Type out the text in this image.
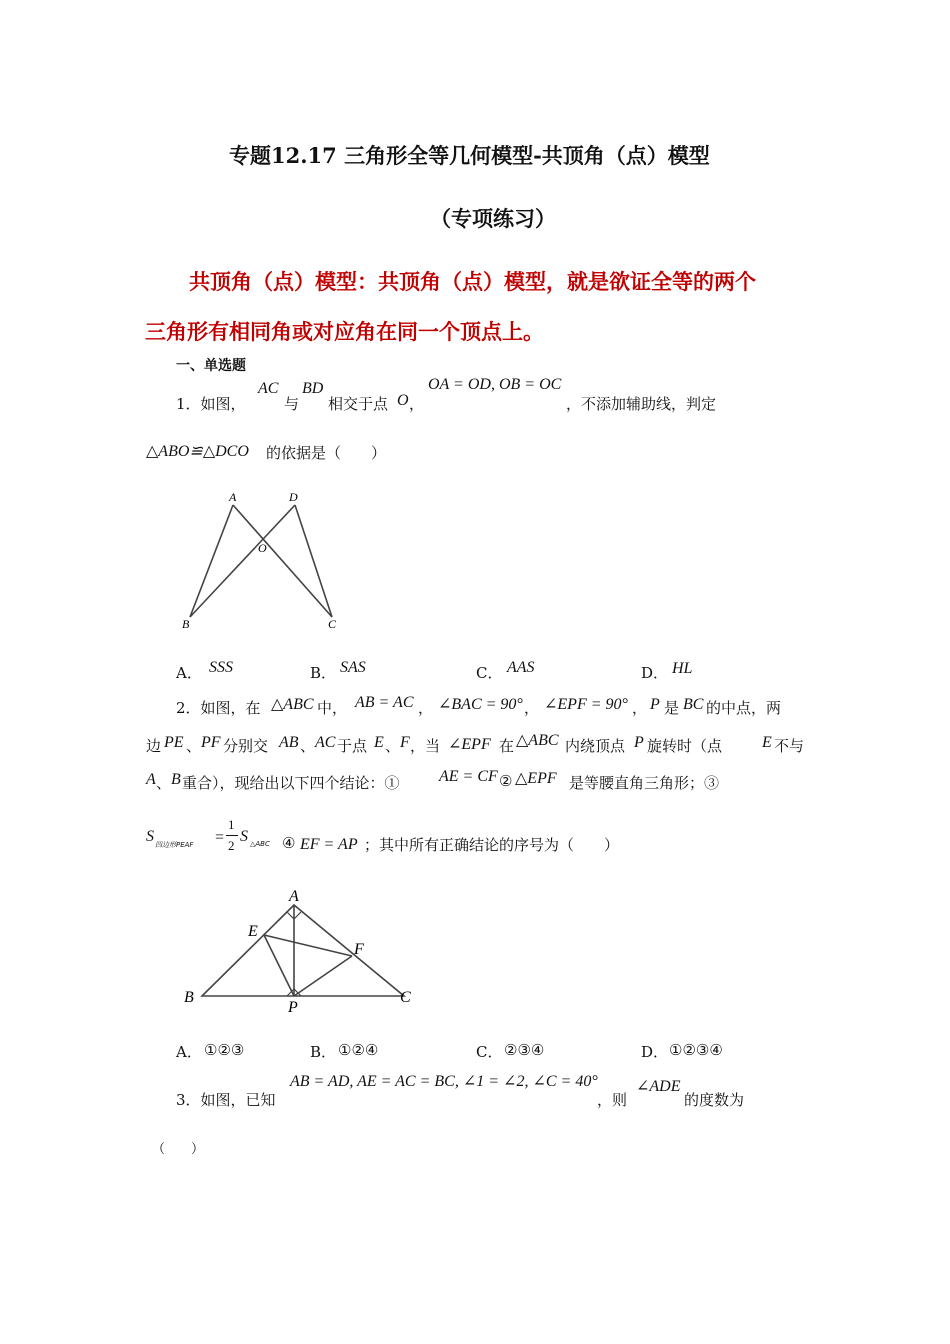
专题12.17 三角形全等几何模型-共顶角（点）模型
（专项练习）
共顶角（点）模型：共顶角（点）模型，就是欲证全等的两个
三角形有相同角或对应角在同一个顶点上。
一、单选题
1．如图，
AC
与
BD
相交于点 O ，
OA = OD, OB = OC
，不添加辅助线，判定
△ABO≌△DCO 的依据是（　　）
A	D
O
B	C
A． SSS	B． SAS	C． AAS	D． HL
2．如图，在 △ABC 中， AB = AC ， ∠BAC = 90° ， ∠EPF = 90° ， P 是 BC 的中点，两
边 PE 、 PF 分别交 AB 、 AC 于点 E 、 F ，当 ∠EPF 在 △ABC 内绕顶点 P 旋转时（点 E 不与
A 、 B 重合），现给出以下四个结论：① AE = CF ② △EPF 是等腰直角三角形；③
S 四边形PEAF =
1
2
S △ABC ④ EF = AP ；其中所有正确结论的序号为（　　）
A
E
F
B
P
C
A． ①②③	B． ①②④	C． ②③④	D． ①②③④
3．如图，已知
AB = AD, AE = AC = BC, ∠1 = ∠2, ∠C = 40°
，则
∠ADE
的度数为
（　　）
